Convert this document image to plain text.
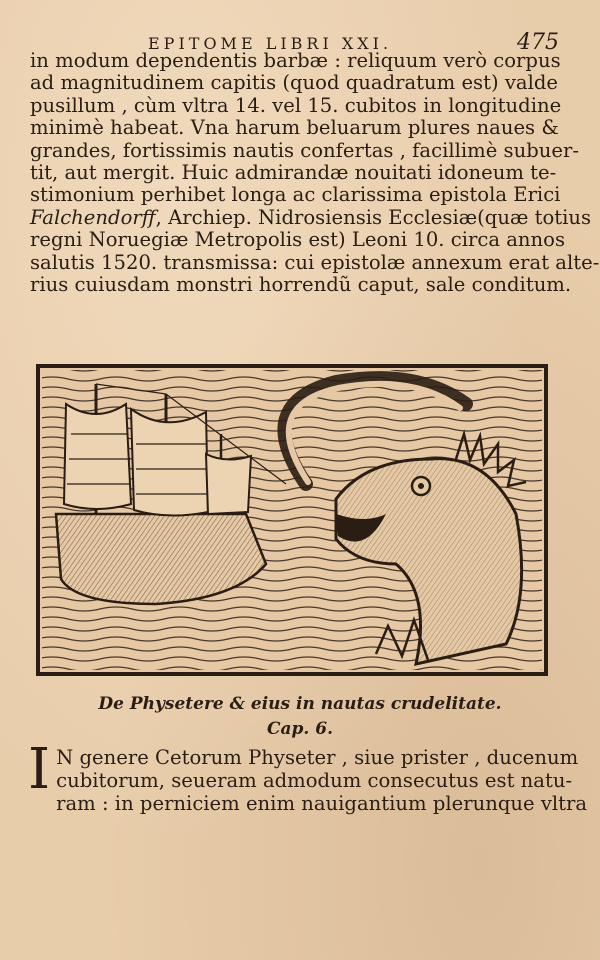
EPITOME LIBRI XXI.	475
in modum dependentis barbæ : reliquum verò corpus
ad magnitudinem capitis (quod quadratum est) valde
pusillum , cùm vltra 14. vel 15. cubitos in longitudine
minimè habeat. Vna harum beluarum plures naues &
grandes, fortissimis nautis confertas , facillimè subuer-
tit, aut mergit. Huic admirandæ nouitati idoneum te-
stimonium perhibet longa ac clarissima epistola Erici
Falchendorff, Archiep. Nidrosiensis Ecclesiæ(quæ totius
regni Noruegiæ Metropolis est) Leoni 10. circa annos
salutis 1520. transmissa: cui epistolæ annexum erat alte-
rius cuiusdam monstri horrendũ caput, sale conditum.
De Physetere & eius in nautas crudelitate.
Cap. 6.
I N genere Cetorum Physeter , siue prister , ducenum
cubitorum, seueram admodum consecutus est natu-
ram : in perniciem enim nauigantium plerunque vltra
